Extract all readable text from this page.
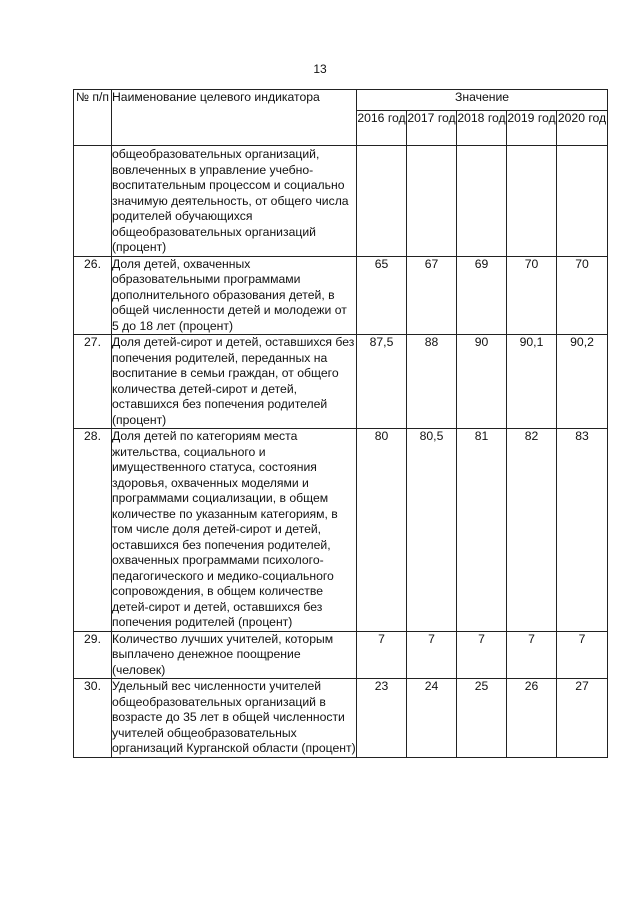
13
№ п/п	Наименование целевого индикатора	Значение				
		2016 год	2017 год	2018 год	2019 год	2020 год
	общеобразовательных организаций, вовлеченных в управление учебно-воспитательным процессом и социально значимую деятельность, от общего числа родителей обучающихся общеобразовательных организаций (процент)					
26.	Доля детей, охваченных образовательными программами дополнительного образования детей, в общей численности детей и молодежи от 5 до 18 лет (процент)	65	67	69	70	70
27.	Доля детей-сирот и детей, оставшихся без попечения родителей, переданных на воспитание в семьи граждан, от общего количества детей-сирот и детей, оставшихся без попечения родителей (процент)	87,5	88	90	90,1	90,2
28.	Доля детей по категориям места жительства, социального и имущественного статуса, состояния здоровья, охваченных моделями и программами социализации, в общем количестве по указанным категориям, в том числе доля детей-сирот и детей, оставшихся без попечения родителей, охваченных программами психолого-педагогического и медико-социального сопровождения, в общем количестве детей-сирот и детей, оставшихся без попечения родителей (процент)	80	80,5	81	82	83
29.	Количество лучших учителей, которым выплачено денежное поощрение (человек)	7	7	7	7	7
30.	Удельный вес численности учителей общеобразовательных организаций в возрасте до 35 лет в общей численности учителей общеобразовательных организаций Курганской области (процент)	23	24	25	26	27
